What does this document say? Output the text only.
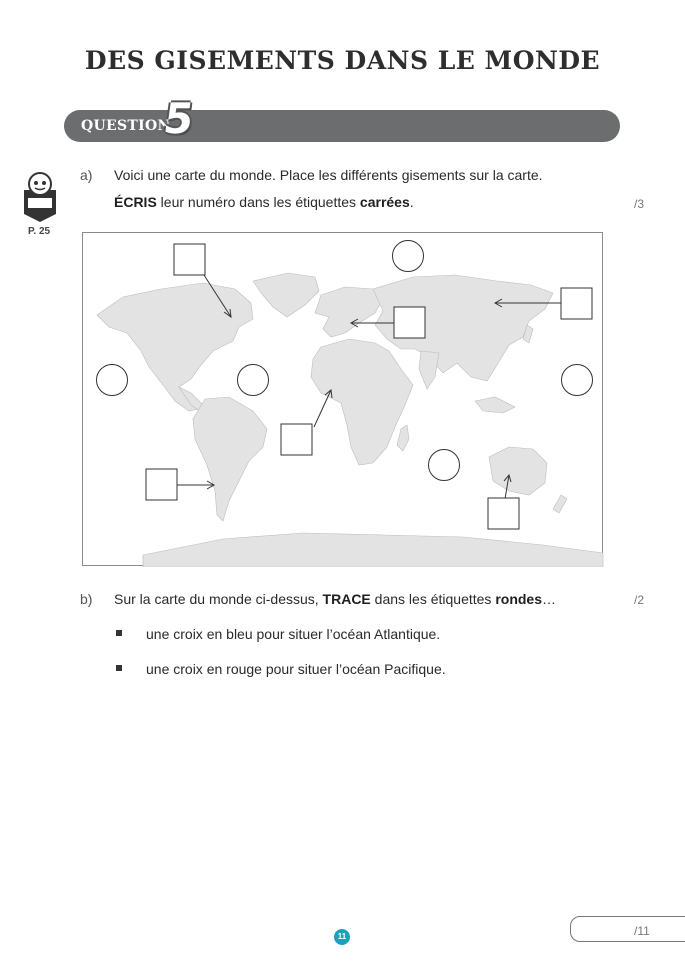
DES GISEMENTS DANS LE MONDE
QUESTION
5
P. 25
a) Voici une carte du monde. Place les différents gisements sur la carte.
ÉCRIS leur numéro dans les étiquettes carrées.	/3
b) Sur la carte du monde ci-dessus, TRACE dans les étiquettes rondes…	/2
une croix en bleu pour situer l’océan Atlantique.
une croix en rouge pour situer l’océan Pacifique.
/11
11
